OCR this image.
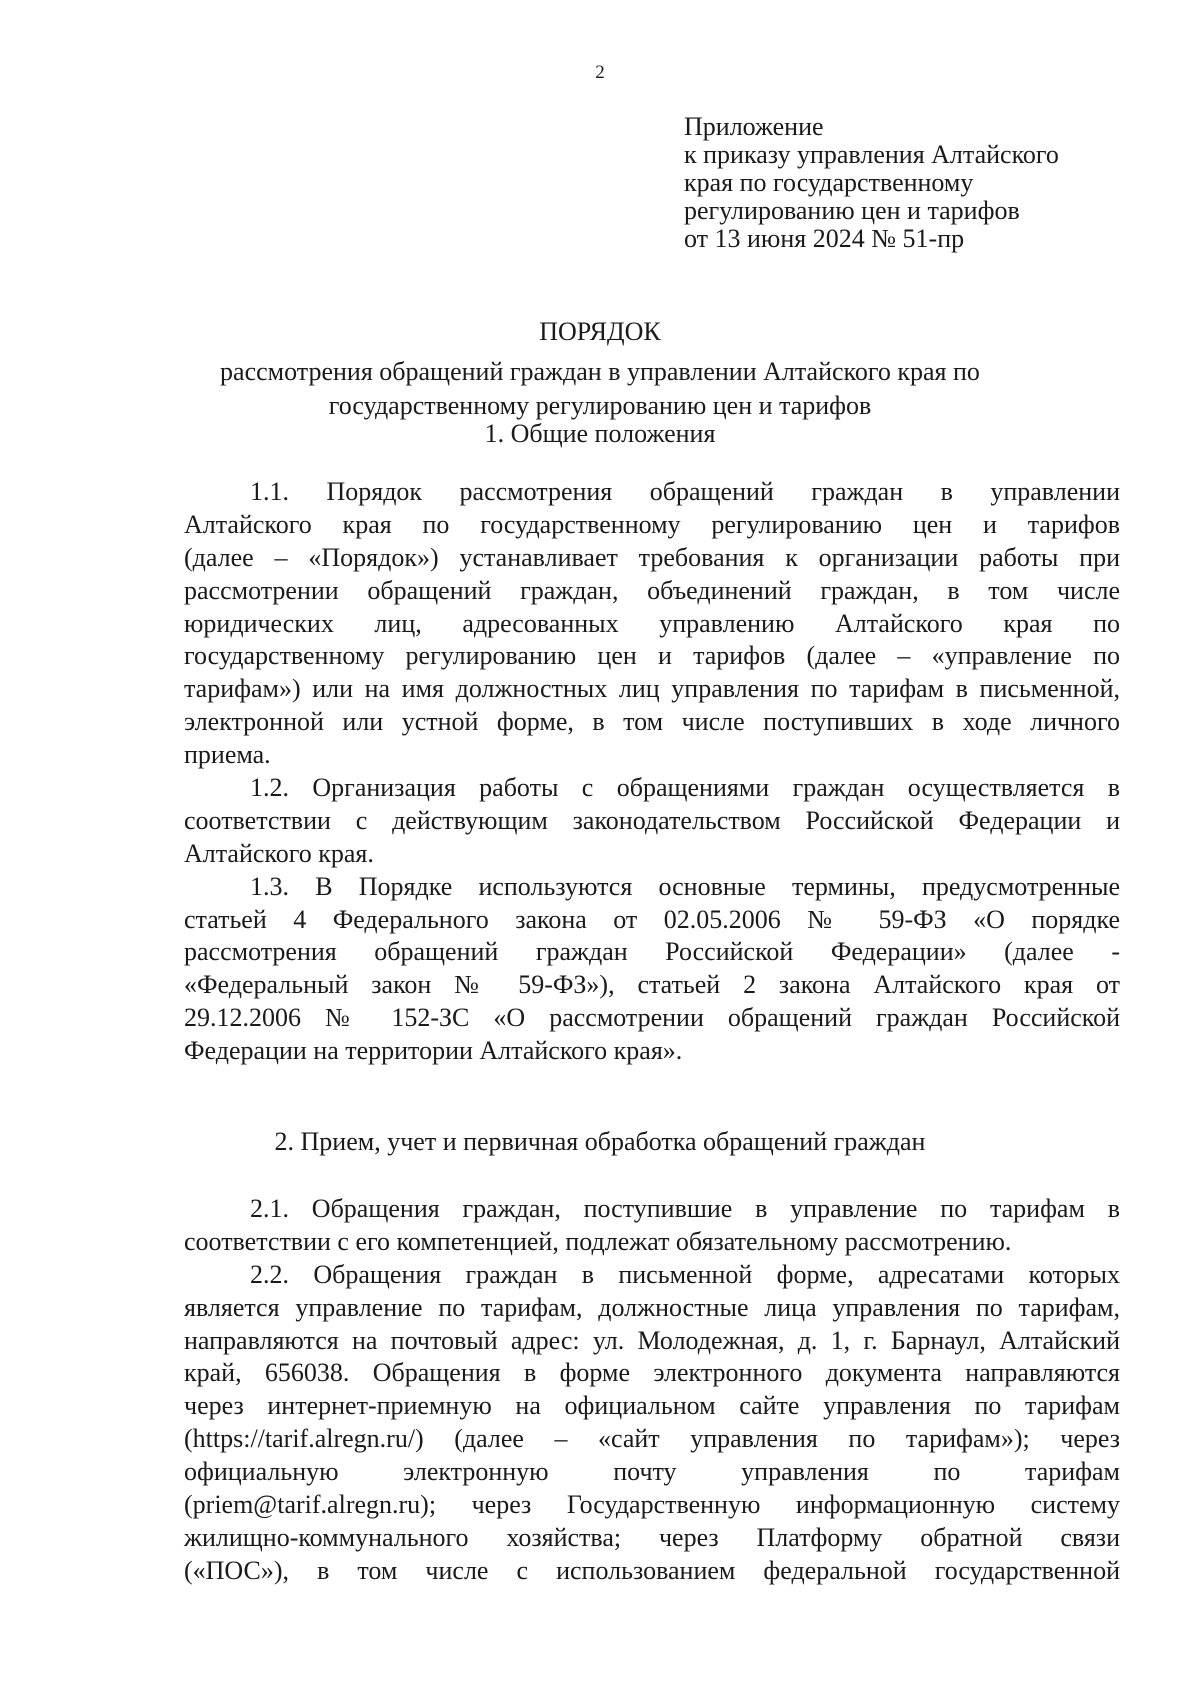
2
Приложение
к приказу управления Алтайского
края по государственному
регулированию цен и тарифов
от 13 июня 2024 № 51-пр
ПОРЯДОК
рассмотрения обращений граждан в управлении Алтайского края по
государственному регулированию цен и тарифов
1. Общие положения
1.1. Порядок рассмотрения обращений граждан в управлении
Алтайского края по государственному регулированию цен и тарифов
(далее – «Порядок») устанавливает требования к организации работы при
рассмотрении обращений граждан, объединений граждан, в том числе
юридических лиц, адресованных управлению Алтайского края по
государственному регулированию цен и тарифов (далее – «управление по
тарифам») или на имя должностных лиц управления по тарифам в письменной,
электронной или устной форме, в том числе поступивших в ходе личного
приема.
1.2. Организация работы с обращениями граждан осуществляется в
соответствии с действующим законодательством Российской Федерации и
Алтайского края.
1.3. В Порядке используются основные термины, предусмотренные
статьей 4 Федерального закона от 02.05.2006 № 59-ФЗ «О порядке
рассмотрения обращений граждан Российской Федерации» (далее -
«Федеральный закон № 59-ФЗ»), статьей 2 закона Алтайского края от
29.12.2006 № 152-ЗС «О рассмотрении обращений граждан Российской
Федерации на территории Алтайского края».
2. Прием, учет и первичная обработка обращений граждан
2.1. Обращения граждан, поступившие в управление по тарифам в
соответствии с его компетенцией, подлежат обязательному рассмотрению.
2.2. Обращения граждан в письменной форме, адресатами которых
является управление по тарифам, должностные лица управления по тарифам,
направляются на почтовый адрес: ул. Молодежная, д. 1, г. Барнаул, Алтайский
край, 656038. Обращения в форме электронного документа направляются
через интернет-приемную на официальном сайте управления по тарифам
(https://tarif.alregn.ru/) (далее – «сайт управления по тарифам»); через
официальную электронную почту управления по тарифам
(priem@tarif.alregn.ru); через Государственную информационную систему
жилищно-коммунального хозяйства; через Платформу обратной связи
(«ПОС»), в том числе с использованием федеральной государственной
